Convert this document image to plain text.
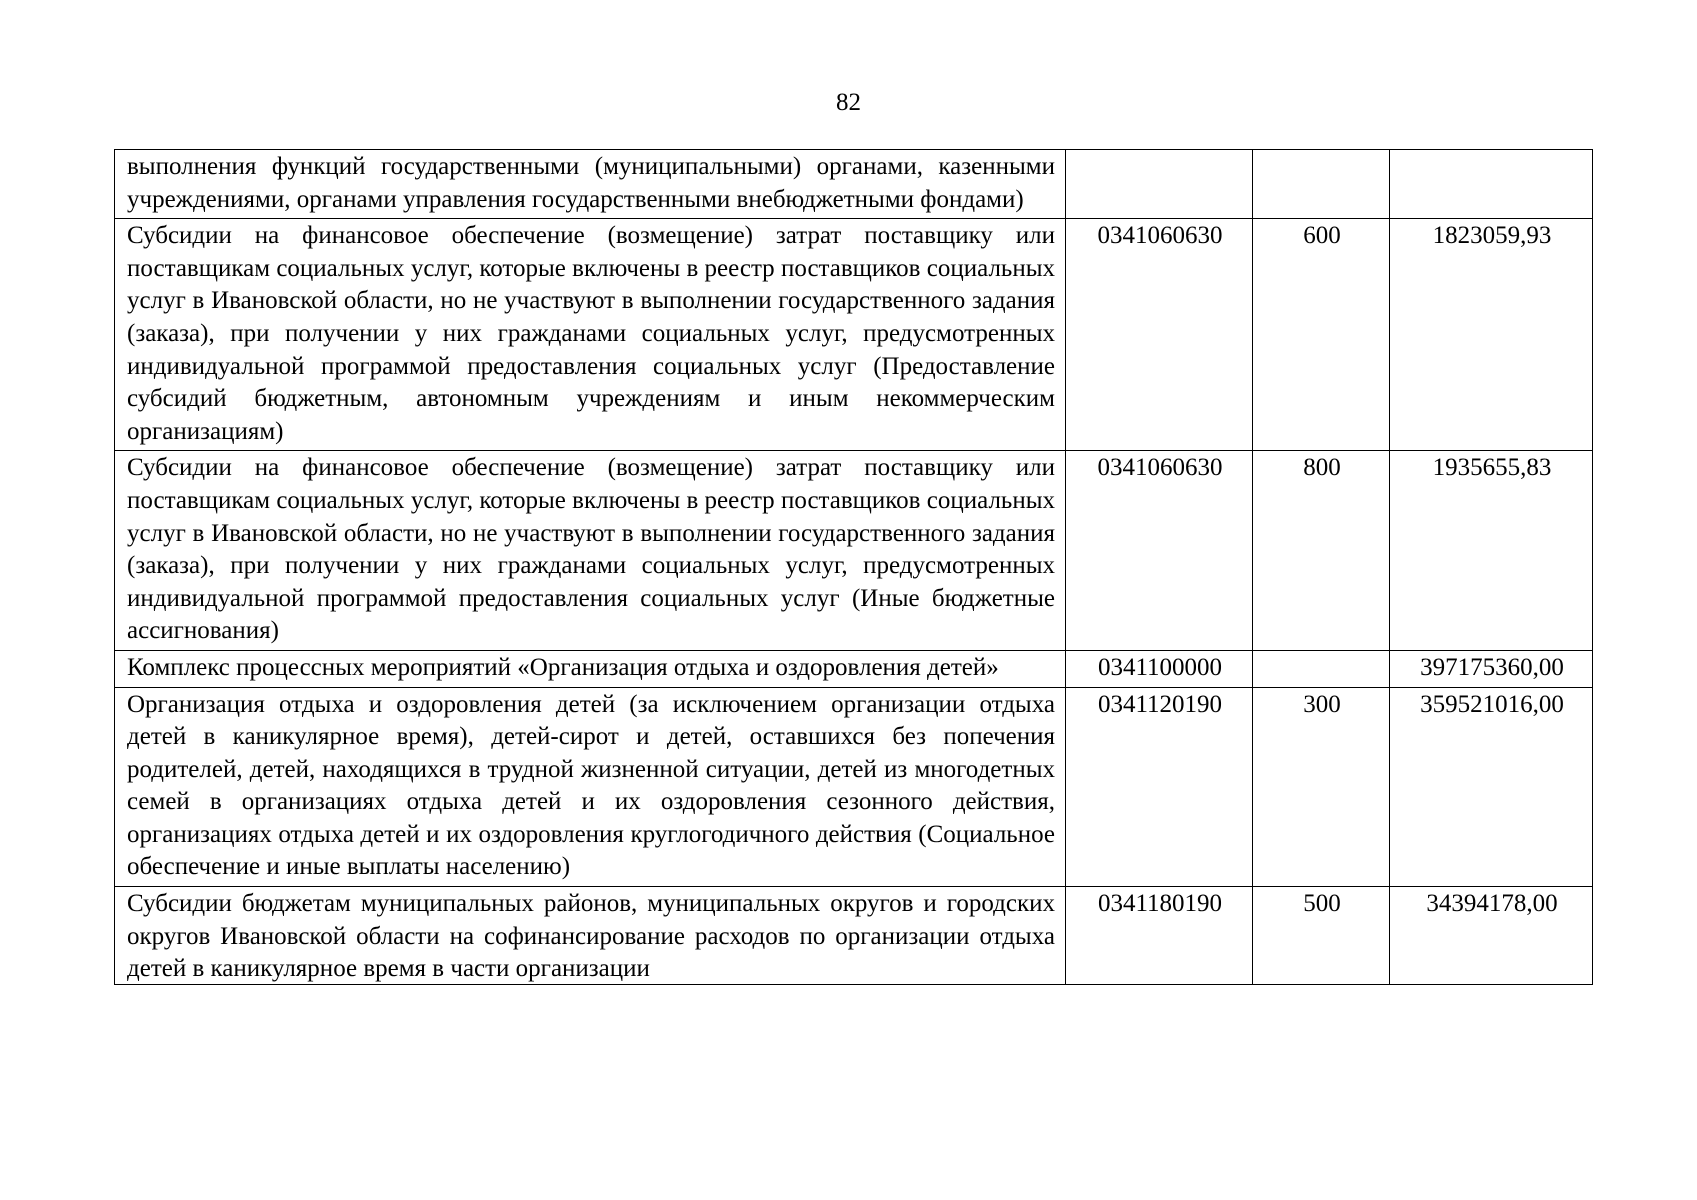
82
выполнения функций государственными (муниципальными) органами, казенными учреждениями, органами управления государственными внебюджетными фондами)			
Субсидии на финансовое обеспечение (возмещение) затрат поставщику или поставщикам социальных услуг, которые включены в реестр поставщиков социальных услуг в Ивановской области, но не участвуют в выполнении государственного задания (заказа), при получении у них гражданами социальных услуг, предусмотренных индивидуальной программой предоставления социальных услуг (Предоставление субсидий бюджетным, автономным учреждениям и иным некоммерческим организациям)	0341060630	600	1823059,93
Субсидии на финансовое обеспечение (возмещение) затрат поставщику или поставщикам социальных услуг, которые включены в реестр поставщиков социальных услуг в Ивановской области, но не участвуют в выполнении государственного задания (заказа), при получении у них гражданами социальных услуг, предусмотренных индивидуальной программой предоставления социальных услуг (Иные бюджетные ассигнования)	0341060630	800	1935655,83
Комплекс процессных мероприятий «Организация отдыха и оздоровления детей»	0341100000		397175360,00
Организация отдыха и оздоровления детей (за исключением организации отдыха детей в каникулярное время), детей-сирот и детей, оставшихся без попечения родителей, детей, находящихся в трудной жизненной ситуации, детей из многодетных семей в организациях отдыха детей и их оздоровления сезонного действия, организациях отдыха детей и их оздоровления круглогодичного действия (Социальное обеспечение и иные выплаты населению)	0341120190	300	359521016,00

Субсидии бюджетам муниципальных районов, муниципальных округов и городских округов Ивановской области на софинансирование расходов по организации отдыха детей в каникулярное время в части организации	0341180190	500	34394178,00
